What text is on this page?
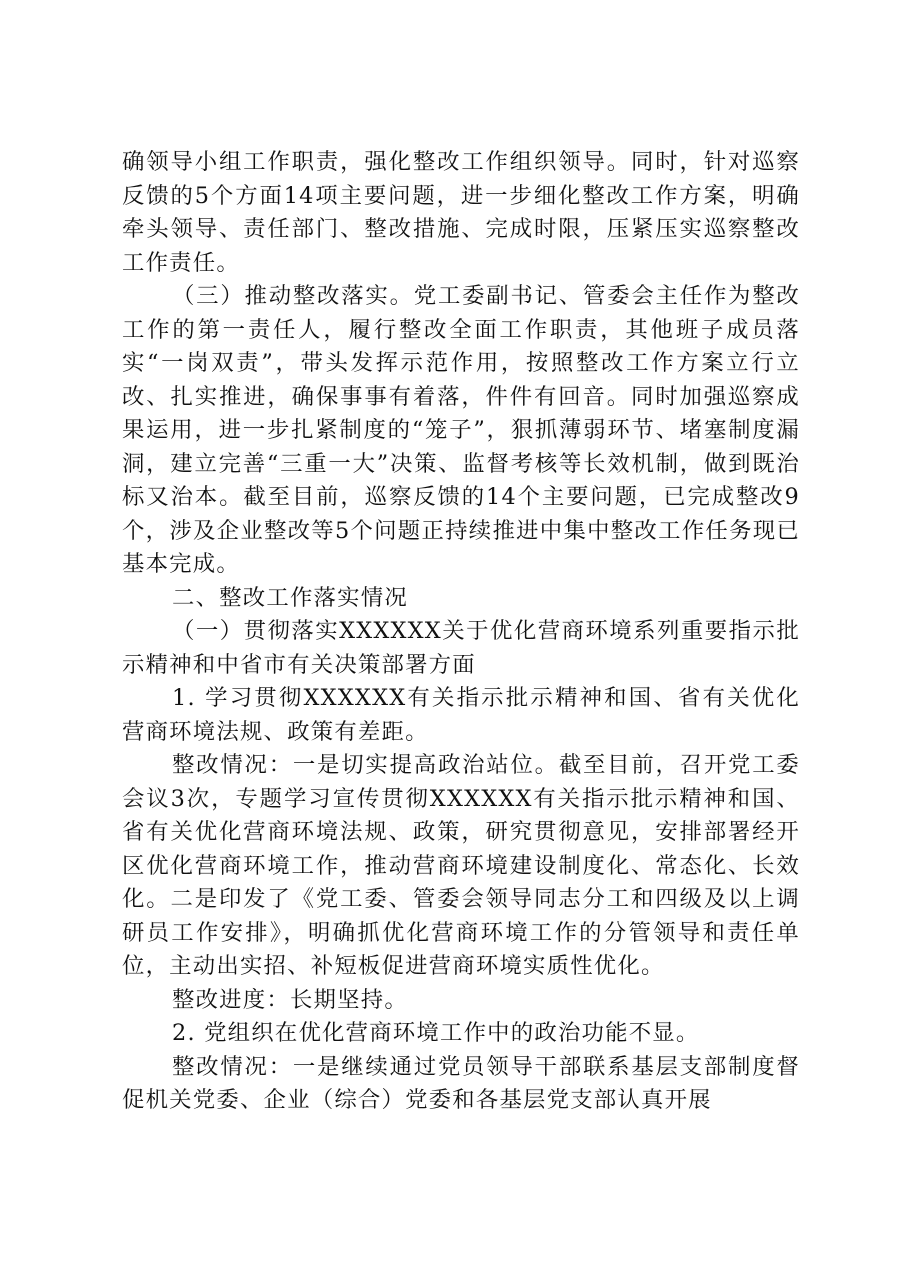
确领导小组工作职责，强化整改工作组织领导。同时，针对巡察反馈的5个方面14项主要问题，进一步细化整改工作方案，明确牵头领导、责任部门、整改措施、完成时限，压紧压实巡察整改工作责任。

（三）推动整改落实。党工委副书记、管委会主任作为整改工作的第一责任人，履行整改全面工作职责，其他班子成员落实“一岗双责”，带头发挥示范作用，按照整改工作方案立行立改、扎实推进，确保事事有着落，件件有回音。同时加强巡察成果运用，进一步扎紧制度的“笼子”，狠抓薄弱环节、堵塞制度漏洞，建立完善“三重一大”决策、监督考核等长效机制，做到既治标又治本。截至目前，巡察反馈的14个主要问题，已完成整改9个，涉及企业整改等5个问题正持续推进中集中整改工作任务现已基本完成。

二、整改工作落实情况

（一）贯彻落实XXXXXX关于优化营商环境系列重要指示批示精神和中省市有关决策部署方面

1. 学习贯彻XXXXXX有关指示批示精神和国、省有关优化营商环境法规、政策有差距。

整改情况：一是切实提高政治站位。截至目前，召开党工委会议3次，专题学习宣传贯彻XXXXXX有关指示批示精神和国、省有关优化营商环境法规、政策，研究贯彻意见，安排部署经开区优化营商环境工作，推动营商环境建设制度化、常态化、长效化。二是印发了《党工委、管委会领导同志分工和四级及以上调研员工作安排》，明确抓优化营商环境工作的分管领导和责任单位，主动出实招、补短板促进营商环境实质性优化。

整改进度：长期坚持。

2. 党组织在优化营商环境工作中的政治功能不显。

整改情况：一是继续通过党员领导干部联系基层支部制度督促机关党委、企业（综合）党委和各基层党支部认真开展
